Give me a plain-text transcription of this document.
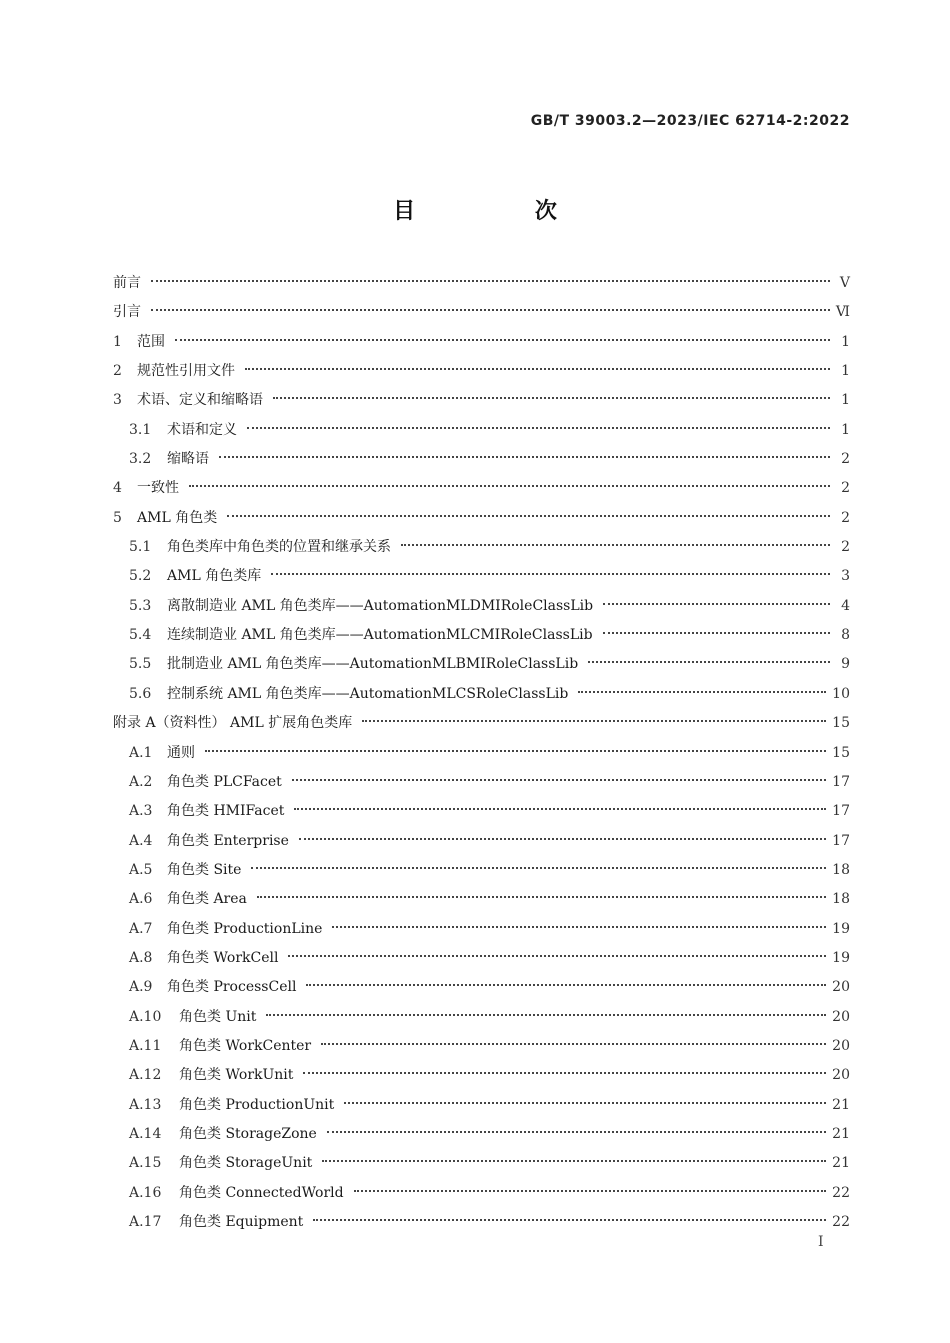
GB/T 39003.2—2023/IEC 62714-2:2022
目 次
前言	V
引言	Ⅵ
1	范围	1
2	规范性引用文件	1
3	术语、定义和缩略语	1
3.1	术语和定义	1
3.2	缩略语	2
4	一致性	2
5	AML 角色类	2
5.1	角色类库中角色类的位置和继承关系	2
5.2	AML 角色类库	3
5.3	离散制造业 AML 角色类库——AutomationMLDMIRoleClassLib	4
5.4	连续制造业 AML 角色类库——AutomationMLCMIRoleClassLib	8
5.5	批制造业 AML 角色类库——AutomationMLBMIRoleClassLib	9
5.6	控制系统 AML 角色类库——AutomationMLCSRoleClassLib	10
附录 A（资料性） AML 扩展角色类库	15
A.1	通则	15
A.2	角色类 PLCFacet	17
A.3	角色类 HMIFacet	17
A.4	角色类 Enterprise	17
A.5	角色类 Site	18
A.6	角色类 Area	18
A.7	角色类 ProductionLine	19
A.8	角色类 WorkCell	19
A.9	角色类 ProcessCell	20
A.10	角色类 Unit	20
A.11	角色类 WorkCenter	20
A.12	角色类 WorkUnit	20
A.13	角色类 ProductionUnit	21
A.14	角色类 StorageZone	21
A.15	角色类 StorageUnit	21
A.16	角色类 ConnectedWorld	22
A.17	角色类 Equipment	22
I
